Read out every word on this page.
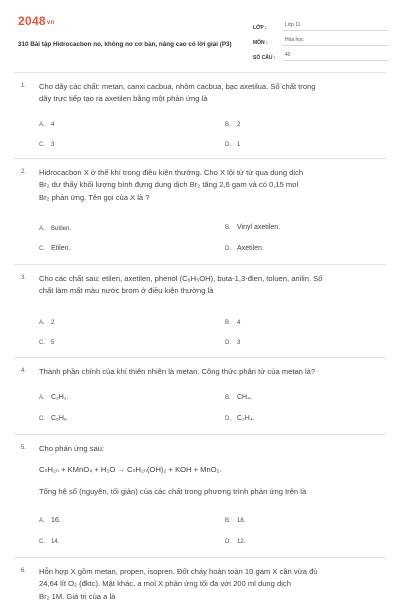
2048vn
310 Bài tập Hidrocacbon no, không no cơ bản, nâng cao có lời giải (P3)
LỚP :	Lớp 11
MÔN :	Hóa học
SỐ CÂU :	40
1. Cho dãy các chất: metan, canxi cacbua, nhôm cacbua, bạc axetilua. Số chất trong
dãy trực tiếp tạo ra axetilen bằng một phản ứng là
A. 4	B. 2
C. 3	D. 1
2. Hidrocacbon X ở thể khí trong điều kiện thường. Cho X lội từ từ qua dung dịch
Br₂ dư thấy khối lượng bình đựng dung dịch Br₂ tăng 2,6 gam và có 0,15 mol
Br₂ phản ứng. Tên gọi của X là ?
A. Butilen.	B. Vinyl axetilen.
C. Etilen.	D. Axetilen.
3. Cho các chất sau: etilen, axetilen, phenol (C₆H₅OH), buta-1,3-đien, toluen, anilin. Số
chất làm mất màu nước brom ở điều kiện thường là
A. 2	B. 4
C. 5	D. 3
4. Thành phần chính của khí thiên nhiên là metan. Công thức phân tử của metan là?
A. C₂H₂.	B. CH₄.
C. C₆H₆.	D. C₂H₄.
5. Cho phản ứng sau:
CₙH₂ₙ + KMnO₄ + H₂O → CₙH₂ₙ(OH)₂ + KOH + MnO₂.
Tổng hệ số (nguyên, tối giản) của các chất trong phương trình phản ứng trên là
A. 16.	B. 18.
C. 14.	D. 12.
6. Hỗn hợp X gồm metan, propen, isopren. Đốt cháy hoàn toàn 10 gam X cần vừa đủ
24,64 lít O₂ (đktc). Mặt khác, a mol X phản ứng tối đa với 200 ml dung dịch
Br₂ 1M. Giá trị của a là
